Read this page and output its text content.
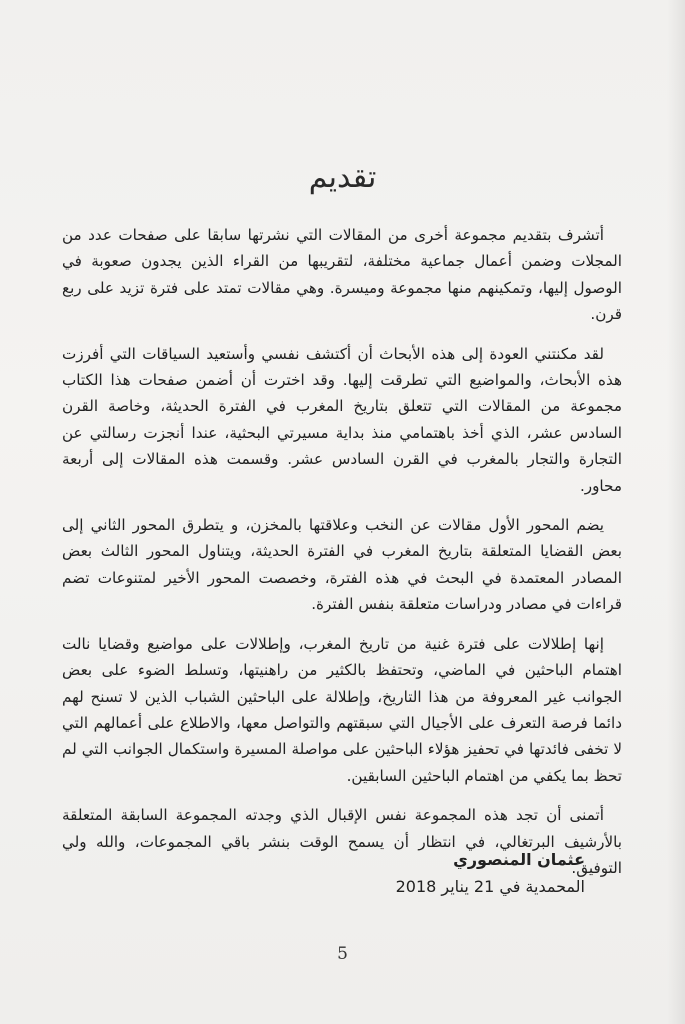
تقديم

أتشرف بتقديم مجموعة أخرى من المقالات التي نشرتها سابقا على صفحات عدد من المجلات وضمن أعمال جماعية مختلفة، لتقريبها من القراء الذين يجدون صعوبة في الوصول إليها، وتمكينهم منها مجموعة وميسرة. وهي مقالات تمتد على فترة تزيد على ربع قرن.

لقد مكنتني العودة إلى هذه الأبحاث أن أكتشف نفسي وأستعيد السياقات التي أفرزت هذه الأبحاث، والمواضيع التي تطرقت إليها. وقد اخترت أن أضمن صفحات هذا الكتاب مجموعة من المقالات التي تتعلق بتاريخ المغرب في الفترة الحديثة، وخاصة القرن السادس عشر، الذي أخذ باهتمامي منذ بداية مسيرتي البحثية، عندا أنجزت رسالتي عن التجارة والتجار بالمغرب في القرن السادس عشر. وقسمت هذه المقالات إلى أربعة محاور.

يضم المحور الأول مقالات عن النخب وعلاقتها بالمخزن، و يتطرق المحور الثاني إلى بعض القضايا المتعلقة بتاريخ المغرب في الفترة الحديثة، ويتناول المحور الثالث بعض المصادر المعتمدة في البحث في هذه الفترة، وخصصت المحور الأخير لمتنوعات تضم قراءات في مصادر ودراسات متعلقة بنفس الفترة.

إنها إطلالات على فترة غنية من تاريخ المغرب، وإطلالات على مواضيع وقضايا نالت اهتمام الباحثين في الماضي، وتحتفظ بالكثير من راهنيتها، وتسلط الضوء على بعض الجوانب غير المعروفة من هذا التاريخ، وإطلالة على الباحثين الشباب الذين لا تسنح لهم دائما فرصة التعرف على الأجيال التي سبقتهم والتواصل معها، والاطلاع على أعمالهم التي لا تخفى فائدتها في تحفيز هؤلاء الباحثين على مواصلة المسيرة واستكمال الجوانب التي لم تحظ بما يكفي من اهتمام الباحثين السابقين.

أتمنى أن تجد هذه المجموعة نفس الإقبال الذي وجدته المجموعة السابقة المتعلقة بالأرشيف البرتغالي، في انتظار أن يسمح الوقت بنشر باقي المجموعات، والله ولي التوفيق.

عثمان المنصوري
المحمدية في 21 يناير 2018
5
